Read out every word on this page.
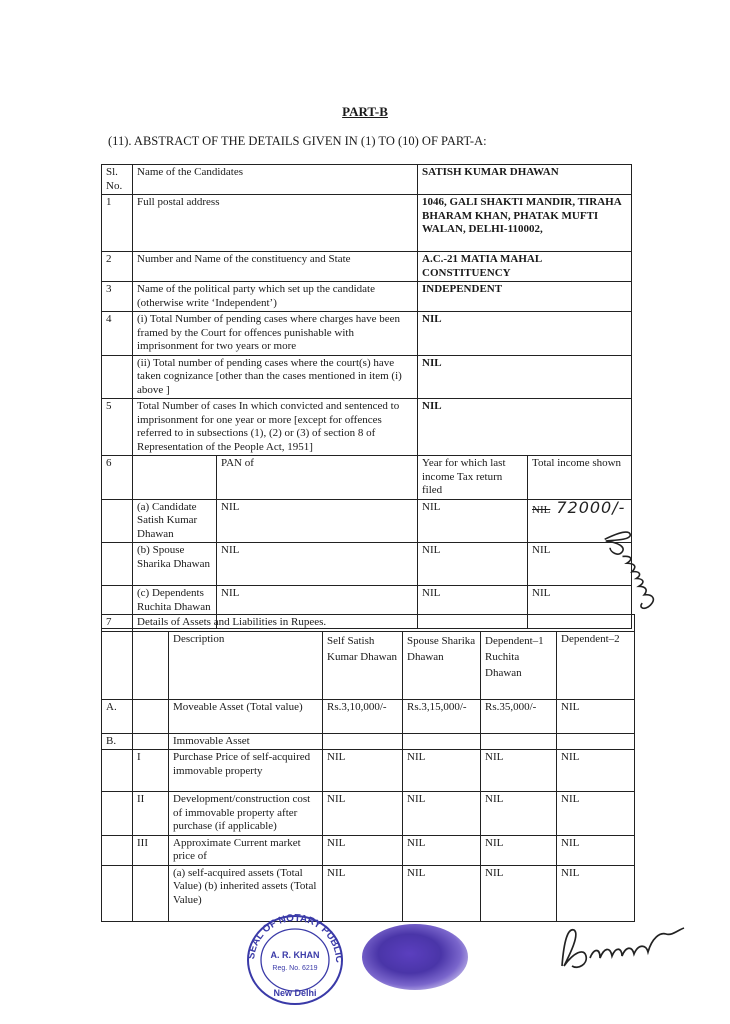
PART-B
(11). ABSTRACT OF THE DETAILS GIVEN IN (1) TO (10) OF PART-A:
Sl. No.	Name of the Candidates		SATISH KUMAR DHAWAN	
1	Full postal address		1046, GALI SHAKTI MANDIR, TIRAHA BHARAM KHAN, PHATAK MUFTI WALAN, DELHI-110002,	
2	Number and Name of the constituency and State		A.C.-21 MATIA MAHAL CONSTITUENCY	
3	Name of the political party which set up the candidate (otherwise write ‘Independent’)		INDEPENDENT	
4	(i) Total Number of pending cases where charges have been framed by the Court for offences punishable with imprisonment for two years or more		NIL	
	(ii) Total number of pending cases where the court(s) have taken cognizance [other than the cases mentioned in item (i) above ]		NIL	
5	Total Number of cases In which convicted and sentenced to imprisonment for one year or more [except for offences referred to in subsections (1), (2) or (3) of section 8 of Representation of the People Act, 1951]		NIL	
6		PAN of	Year for which last income Tax return filed	Total income shown
	(a) Candidate Satish Kumar Dhawan	NIL	NIL	NIL 72000/-
	(b) Spouse Sharika Dhawan	NIL	NIL	NIL
	(c) Dependents Ruchita Dhawan	NIL	NIL	NIL
7	Details of Assets and Liabilities in Rupees.					
		Description	Self Satish Kumar Dhawan	Spouse Sharika Dhawan	Dependent–1 Ruchita Dhawan	Dependent–2
A.		Moveable Asset (Total value)	Rs.3,10,000/-	Rs.3,15,000/-	Rs.35,000/-	NIL
B.		Immovable Asset				
	I	Purchase Price of self-acquired immovable property	NIL	NIL	NIL	NIL
	II	Development/construction cost of immovable property after purchase (if applicable)	NIL	NIL	NIL	NIL
	III	Approximate Current market price of	NIL	NIL	NIL	NIL
		(a) self-acquired assets (Total Value) (b) inherited assets (Total Value)	NIL	NIL	NIL	NIL
SEAL OF NOTARY PUBLIC
A. R. KHAN
Reg. No. 6219
New Delhi
